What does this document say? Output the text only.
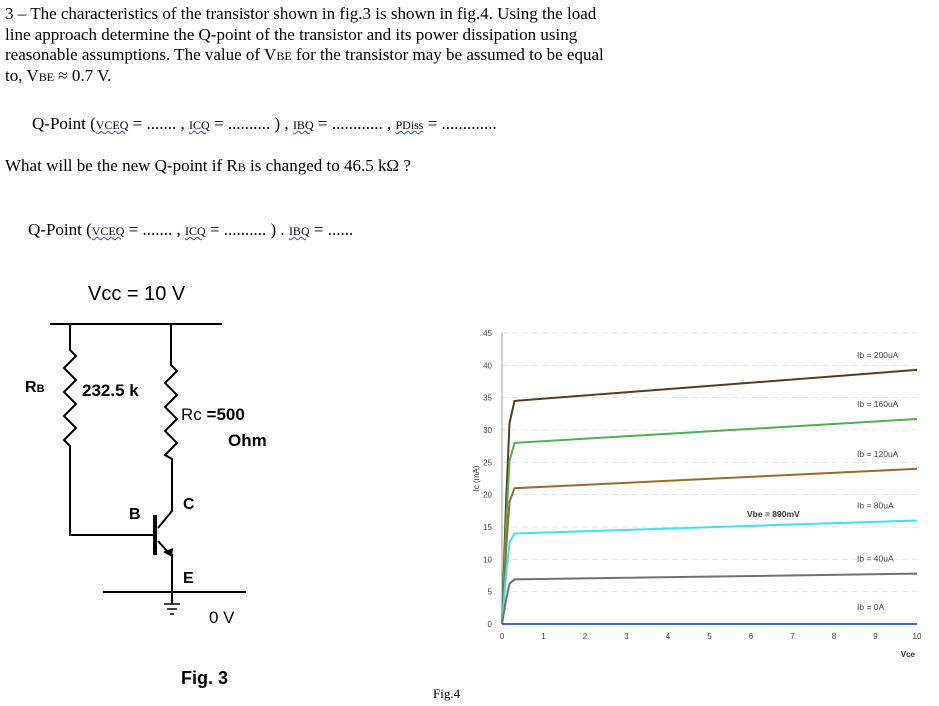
3 – The characteristics of the transistor shown in fig.3 is shown in fig.4. Using the load
line approach determine the Q-point of the transistor and its power dissipation using
reasonable assumptions. The value of VBE for the transistor may be assumed to be equal
to, VBE ≈ 0.7 V.
Q-Point (VCEQ = ....... , ICQ = .......... ) , IBQ = ............ , PDiss = .............
What will be the new Q-point if RB is changed to 46.5 kΩ ?
Q-Point (VCEQ = ....... , ICQ = .......... ) . IBQ = ......
Vcc = 10 V
RB 232.5 k
Rc =500
Ohm
B
C
E
0 V
Fig. 3
0
5
10
15
20
25
30
35
40
45
0	1	2	3	4	5	6	7	8	9	10
Vce
Ic (mA)
Ib = 200uA
Ib = 160uA
Ib = 120uA
Ib = 80uA
Ib = 40uA
Ib = 0A
Vbe = 890mV
Fig.4
